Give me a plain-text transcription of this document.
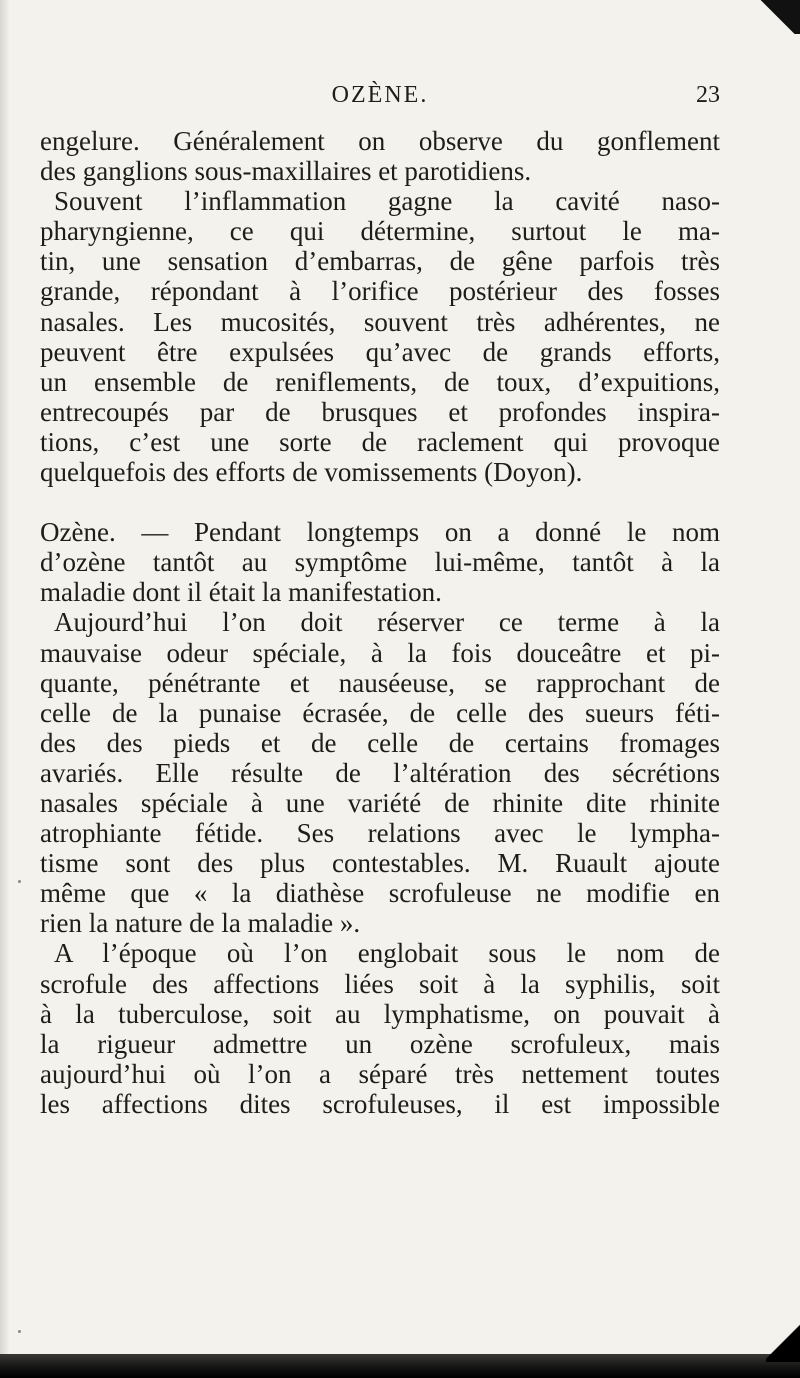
OZÈNE.	23
engelure. Généralement on observe du gonflement
des ganglions sous-maxillaires et parotidiens.
Souvent l’inflammation gagne la cavité naso-
pharyngienne, ce qui détermine, surtout le ma-
tin, une sensation d’embarras, de gêne parfois très
grande, répondant à l’orifice postérieur des fosses
nasales. Les mucosités, souvent très adhérentes, ne
peuvent être expulsées qu’avec de grands efforts,
un ensemble de reniflements, de toux, d’expuitions,
entrecoupés par de brusques et profondes inspira-
tions, c’est une sorte de raclement qui provoque
quelquefois des efforts de vomissements (Doyon).
Ozène. — Pendant longtemps on a donné le nom
d’ozène tantôt au symptôme lui-même, tantôt à la
maladie dont il était la manifestation.
Aujourd’hui l’on doit réserver ce terme à la
mauvaise odeur spéciale, à la fois douceâtre et pi-
quante, pénétrante et nauséeuse, se rapprochant de
celle de la punaise écrasée, de celle des sueurs féti-
des des pieds et de celle de certains fromages
avariés. Elle résulte de l’altération des sécrétions
nasales spéciale à une variété de rhinite dite rhinite
atrophiante fétide. Ses relations avec le lympha-
tisme sont des plus contestables. M. Ruault ajoute
même que « la diathèse scrofuleuse ne modifie en
rien la nature de la maladie ».
A l’époque où l’on englobait sous le nom de
scrofule des affections liées soit à la syphilis, soit
à la tuberculose, soit au lymphatisme, on pouvait à
la rigueur admettre un ozène scrofuleux, mais
aujourd’hui où l’on a séparé très nettement toutes
les affections dites scrofuleuses, il est impossible
